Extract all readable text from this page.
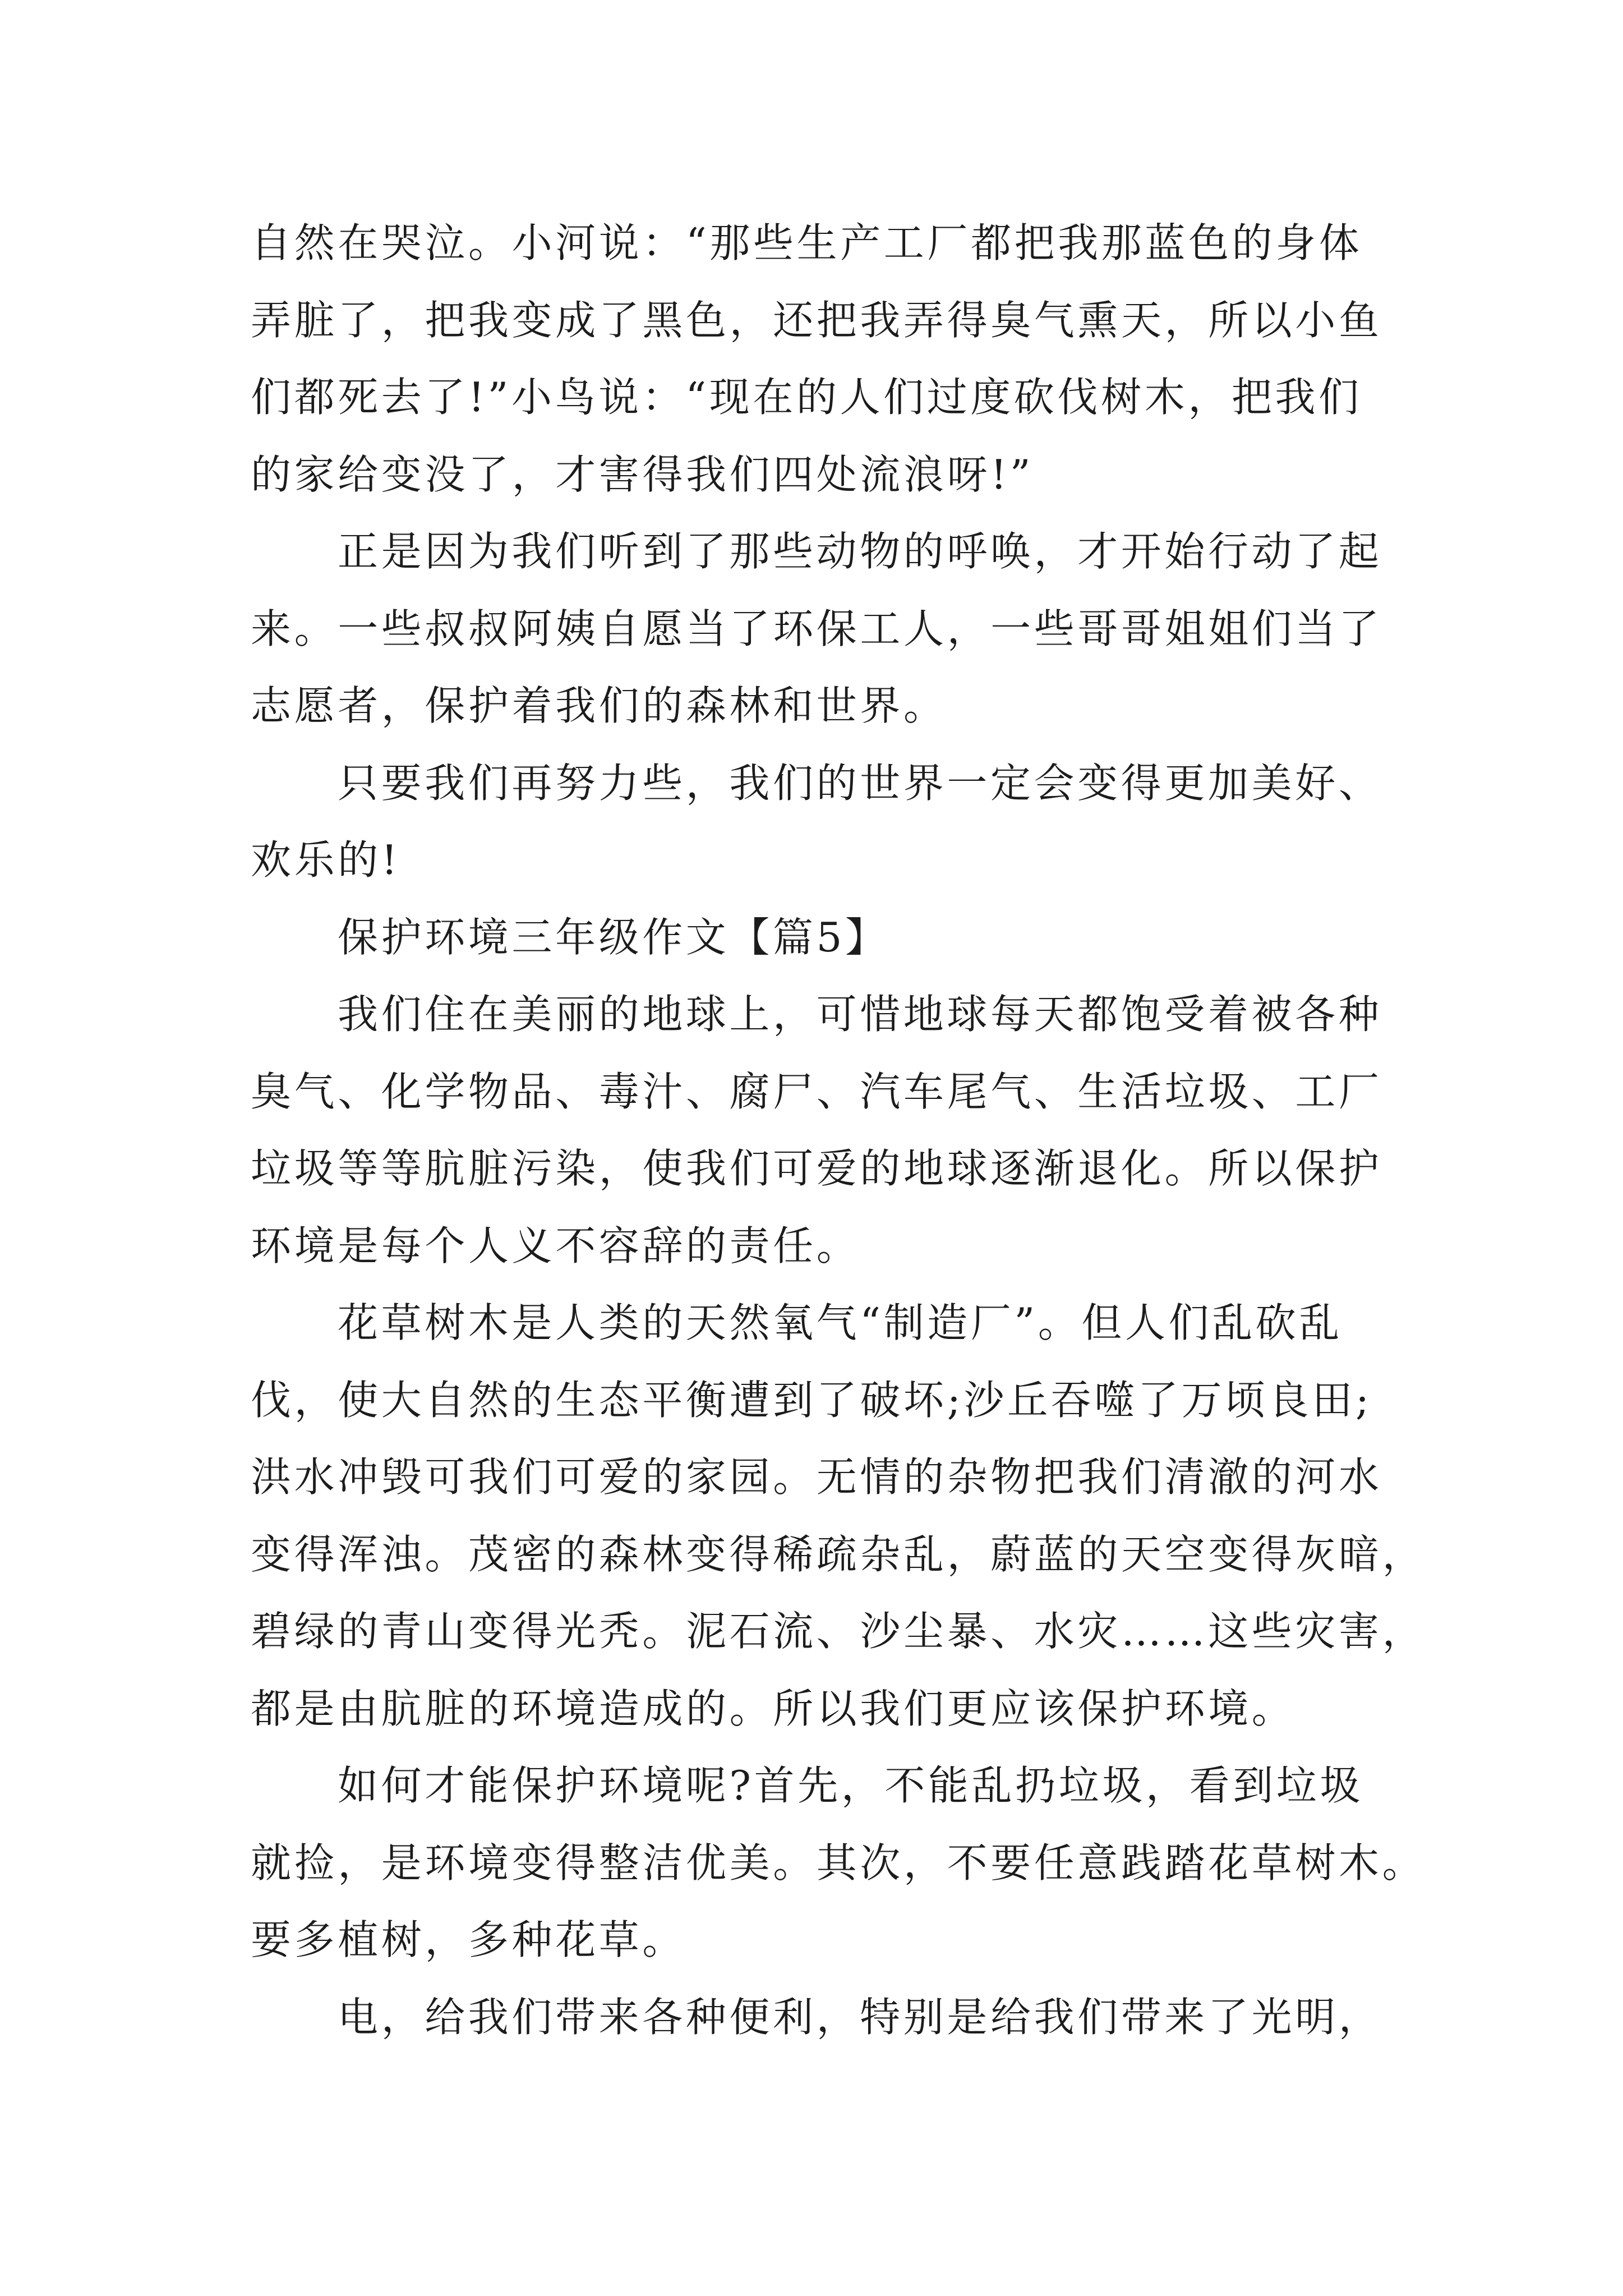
自然在哭泣。小河说：“那些生产工厂都把我那蓝色的身体
弄脏了，把我变成了黑色，还把我弄得臭气熏天，所以小鱼
们都死去了!”小鸟说：“现在的人们过度砍伐树木，把我们
的家给变没了，才害得我们四处流浪呀!”
正是因为我们听到了那些动物的呼唤，才开始行动了起
来。一些叔叔阿姨自愿当了环保工人，一些哥哥姐姐们当了
志愿者，保护着我们的森林和世界。
只要我们再努力些，我们的世界一定会变得更加美好、
欢乐的!
保护环境三年级作文【篇5】
我们住在美丽的地球上，可惜地球每天都饱受着被各种
臭气、化学物品、毒汁、腐尸、汽车尾气、生活垃圾、工厂
垃圾等等肮脏污染，使我们可爱的地球逐渐退化。所以保护
环境是每个人义不容辞的责任。
花草树木是人类的天然氧气“制造厂”。但人们乱砍乱
伐，使大自然的生态平衡遭到了破坏;沙丘吞噬了万顷良田;
洪水冲毁可我们可爱的家园。无情的杂物把我们清澈的河水
变得浑浊。茂密的森林变得稀疏杂乱，蔚蓝的天空变得灰暗，
碧绿的青山变得光秃。泥石流、沙尘暴、水灾……这些灾害，
都是由肮脏的环境造成的。所以我们更应该保护环境。
如何才能保护环境呢?首先，不能乱扔垃圾，看到垃圾
就捡，是环境变得整洁优美。其次，不要任意践踏花草树木。
要多植树，多种花草。
电，给我们带来各种便利，特别是给我们带来了光明，
